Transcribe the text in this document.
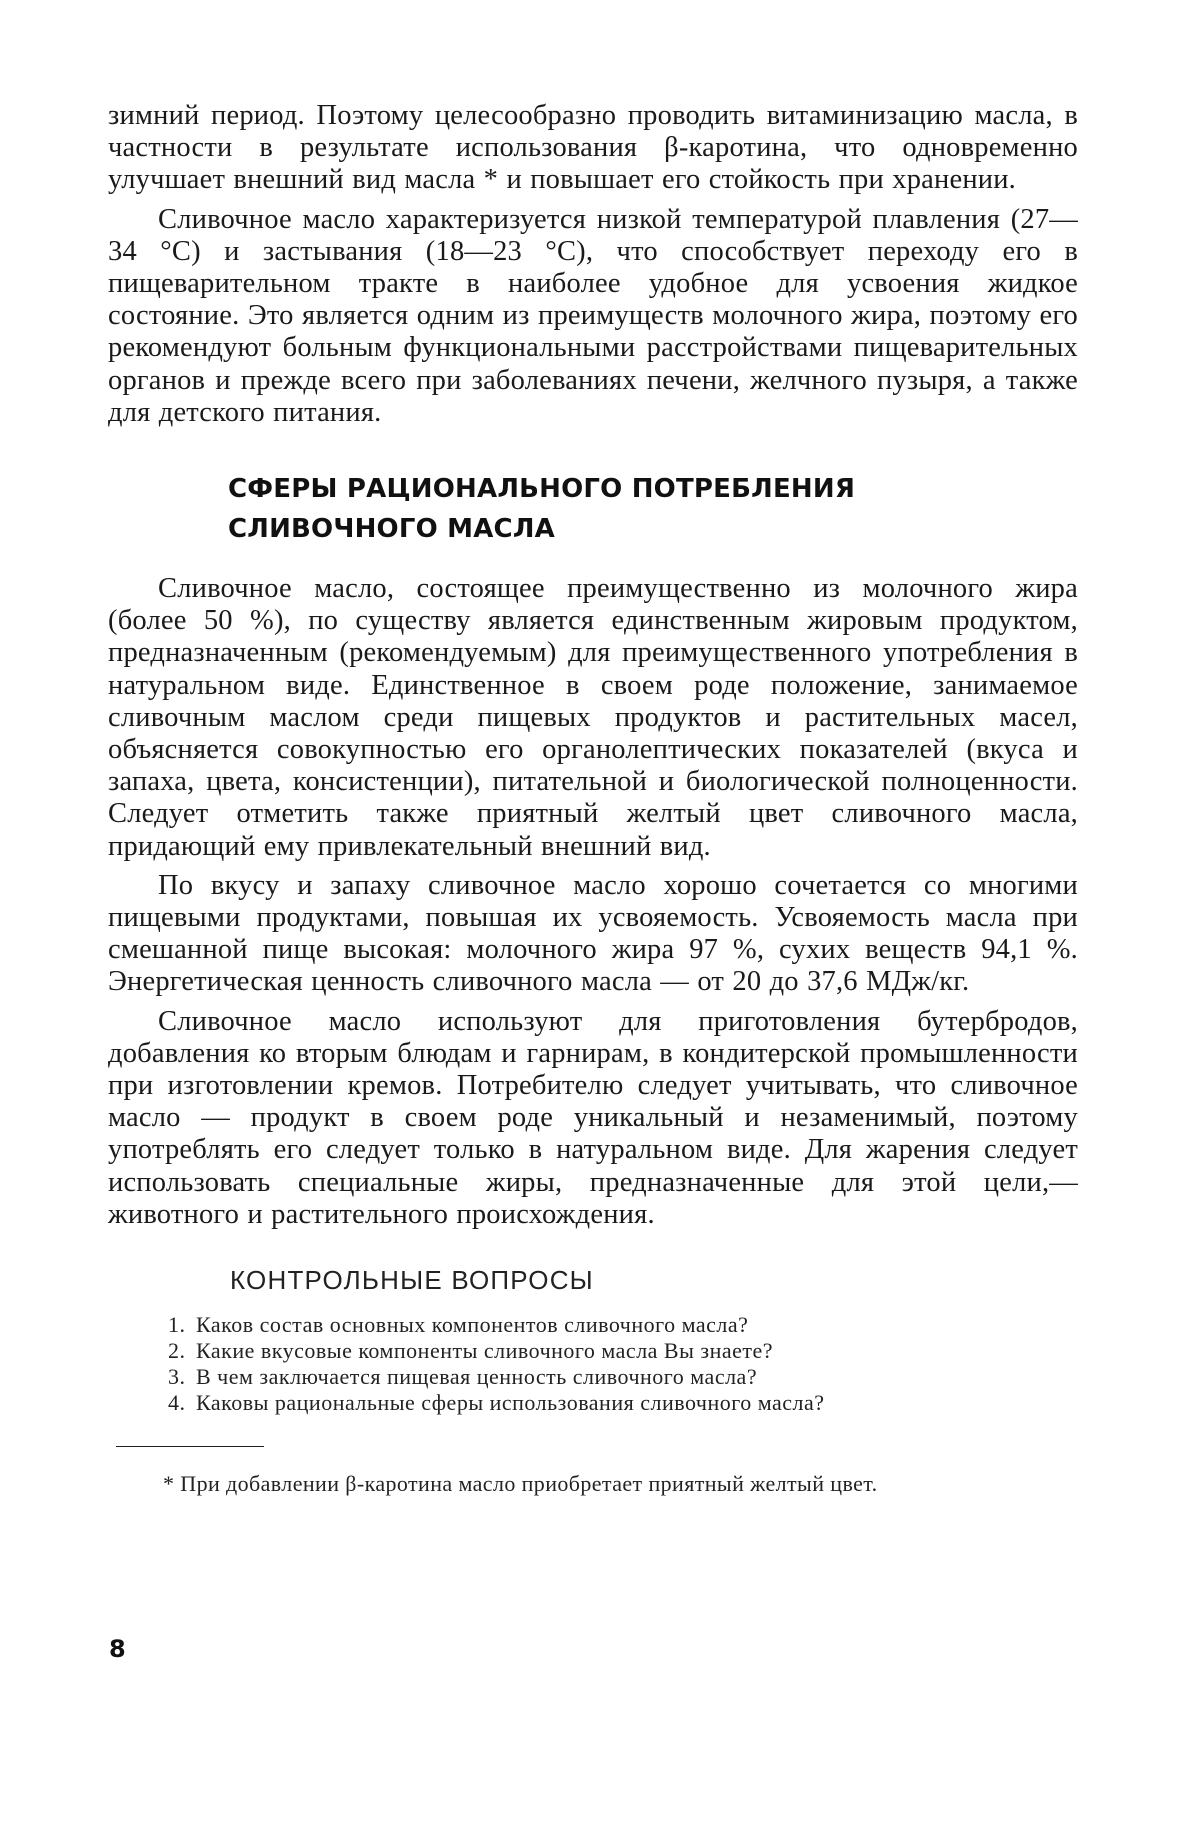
зимний период. Поэтому целесообразно проводить витаминизацию масла, в частности в результате использования β-каротина, что одновременно улучшает внешний вид масла * и повышает его стойкость при хранении.

Сливочное масло характеризуется низкой температурой плавления (27—34 °С) и застывания (18—23 °С), что способствует переходу его в пищеварительном тракте в наиболее удобное для усвоения жидкое состояние. Это является одним из преимуществ молочного жира, поэтому его рекомендуют больным функциональными расстройствами пищеварительных органов и прежде всего при заболеваниях печени, желчного пузыря, а также для детского питания.

СФЕРЫ РАЦИОНАЛЬНОГО ПОТРЕБЛЕНИЯ
СЛИВОЧНОГО МАСЛА

Сливочное масло, состоящее преимущественно из молочного жира (более 50 %), по существу является единственным жировым продуктом, предназначенным (рекомендуемым) для преимущественного употребления в натуральном виде. Единственное в своем роде положение, занимаемое сливочным маслом среди пищевых продуктов и растительных масел, объясняется совокупностью его органолептических показателей (вкуса и запаха, цвета, консистенции), питательной и биологической полноценности. Следует отметить также приятный желтый цвет сливочного масла, придающий ему привлекательный внешний вид.

По вкусу и запаху сливочное масло хорошо сочетается со многими пищевыми продуктами, повышая их усвояемость. Усвояемость масла при смешанной пище высокая: молочного жира 97 %, сухих веществ 94,1 %. Энергетическая ценность сливочного масла — от 20 до 37,6 МДж/кг.

Сливочное масло используют для приготовления бутербродов, добавления ко вторым блюдам и гарнирам, в кондитерской промышленности при изготовлении кремов. Потребителю следует учитывать, что сливочное масло — продукт в своем роде уникальный и незаменимый, поэтому употреблять его следует только в натуральном виде. Для жарения следует использовать специальные жиры, предназначенные для этой цели,— животного и растительного происхождения.

КОНТРОЛЬНЫЕ ВОПРОСЫ
1. Каков состав основных компонентов сливочного масла?
2. Какие вкусовые компоненты сливочного масла Вы знаете?
3. В чем заключается пищевая ценность сливочного масла?
4. Каковы рациональные сферы использования сливочного масла?

* При добавлении β-каротина масло приобретает приятный желтый цвет.

8
